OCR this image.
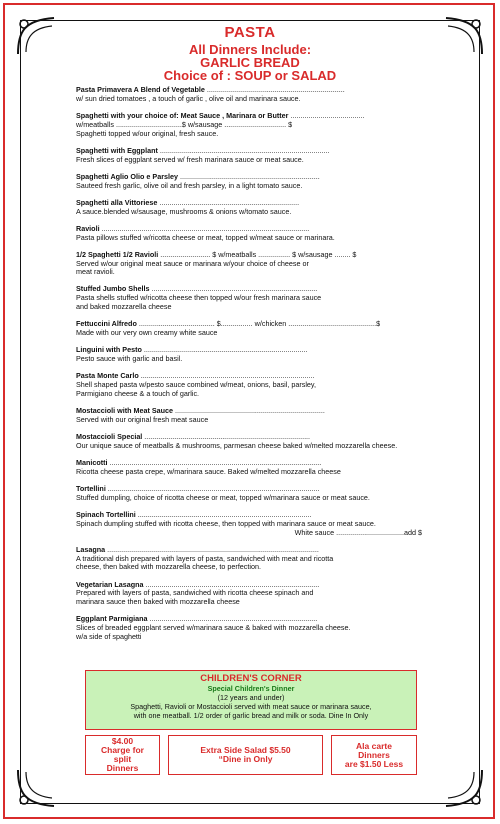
PASTA
All Dinners Include:
GARLIC BREAD
Choice of : SOUP or SALAD
Pasta Primavera A Blend of Vegetable .....................................................................
w/ sun dried tomatoes , a touch of garlic , olive oil and marinara sauce.
Spaghetti with your choice of: Meat Sauce , Marinara or Butter .....................................
w/meatballs .................................$ w/sausage ............................... $
Spaghetti topped w/our original, fresh sauce.
Spaghetti with Eggplant .....................................................................................
Fresh slices of eggplant served w/ fresh marinara sauce or meat sauce.
Spaghetti Aglio Olio e Parsley ......................................................................
Sauteed fresh garlic, olive oil and fresh parsley, in a light tomato sauce.
Spaghetti alla Vittoriese ......................................................................
A sauce.blended w/sausage, mushrooms & onions w/tomato sauce.
Ravioli ........................................................................................................
Pasta pillows stuffed w/ricotta cheese or meat, topped w/meat sauce or marinara.
1/2 Spaghetti 1/2 Ravioli ......................... $ w/meatballs ................ $ w/sausage ........ $
Served w/our original meat sauce or marinara w/your choice of cheese or
meat ravioli.
Stuffed Jumbo Shells ...................................................................................
Pasta shells stuffed w/ricotta cheese then topped w/our fresh marinara sauce
and baked mozzarella cheese
Fettuccini Alfredo ...................................... $................ w/chicken ............................................$
Made with our very own creamy white sauce
Linguini with Pesto ..................................................................................
Pesto sauce with garlic and basil.
Pasta Monte Carlo .......................................................................................
Shell shaped pasta w/pesto sauce combined w/meat, onions, basil, parsley,
Parmigiano cheese & a touch of garlic.
Mostaccioli with Meat Sauce ...........................................................................
Served with our original fresh meat sauce
Mostaccioli Special ...................................................................................
Our unique sauce of meatballs & mushrooms, parmesan cheese baked w/melted mozzarella cheese.
Manicotti ..........................................................................................................
Ricotta cheese pasta crepe, w/marinara sauce. Baked w/melted mozzarella cheese
Tortellini ..........................................................................................................
Stuffed dumpling, choice of ricotta cheese or meat, topped w/marinara sauce or meat sauce.
Spinach Tortellini .......................................................................................
Spinach dumpling stuffed with ricotta cheese, then topped with marinara sauce or meat sauce.
White sauce ..................................add $
Lasagna ..........................................................................................................
A traditional dish prepared with layers of pasta, sandwiched with meat and ricotta
cheese, then baked with mozzarella cheese, to perfection.
Vegetarian Lasagna .......................................................................................
Prepared with layers of pasta, sandwiched with ricotta cheese spinach and
marinara sauce then baked with mozzarella cheese
Eggplant Parmigiana ....................................................................................
Slices of breaded eggplant served w/marinara sauce & baked with mozzarella cheese.
w/a side of spaghetti
CHILDREN'S CORNER
Special Children's Dinner
(12 years and under)
Spaghetti, Ravioli or Mostaccioli served with meat sauce or marinara sauce,
with one meatball. 1/2 order of garlic bread and milk or soda. Dine In Only
$4.00
Charge for
split
Dinners
Extra Side Salad $5.50
“Dine in Only
Ala carte
Dinners
are $1.50 Less
